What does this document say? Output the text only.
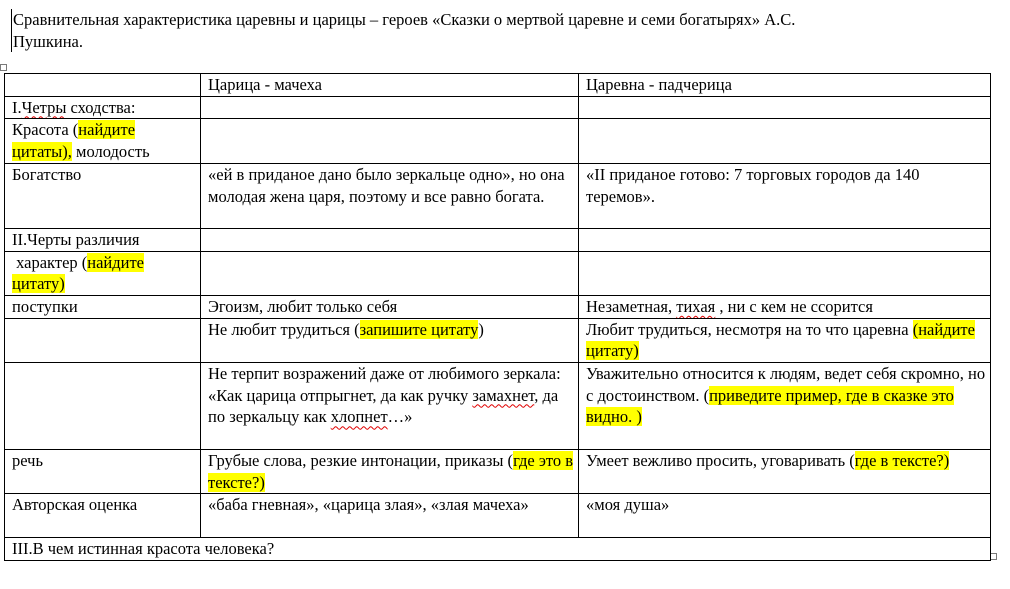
Сравнительная характеристика царевны и царицы – героев «Сказки о мертвой царевне и семи богатырях» А.С.
Пушкина.
	Царица - мачеха	Царевна - падчерица
I.Четры сходства:		
Красота (найдите цитаты), молодость		
Богатство	«ей в приданое дано было зеркальце одно», но она молодая жена царя, поэтому и все равно богата.	«II приданое готово: 7 торговых городов да 140 теремов».
II.Черты различия		
характер (найдите цитату)		
поступки	Эгоизм, любит только себя	Незаметная, тихая , ни с кем не ссорится
	Не любит трудиться (запишите цитату)	Любит трудиться, несмотря на то что царевна (найдите цитату)
	Не терпит возражений даже от любимого зеркала: «Как царица отпрыгнет, да как ручку замахнет, да по зеркальцу как хлопнет…»	Уважительно относится к людям, ведет себя скромно, но с достоинством. (приведите пример, где в сказке это видно. )
речь	Грубые слова, резкие интонации, приказы (где это в тексте?)	Умеет вежливо просить, уговаривать (где в тексте?)
Авторская оценка	«баба гневная», «царица злая», «злая мачеха»	«моя душа»
III.В чем истинная красота человека?		
